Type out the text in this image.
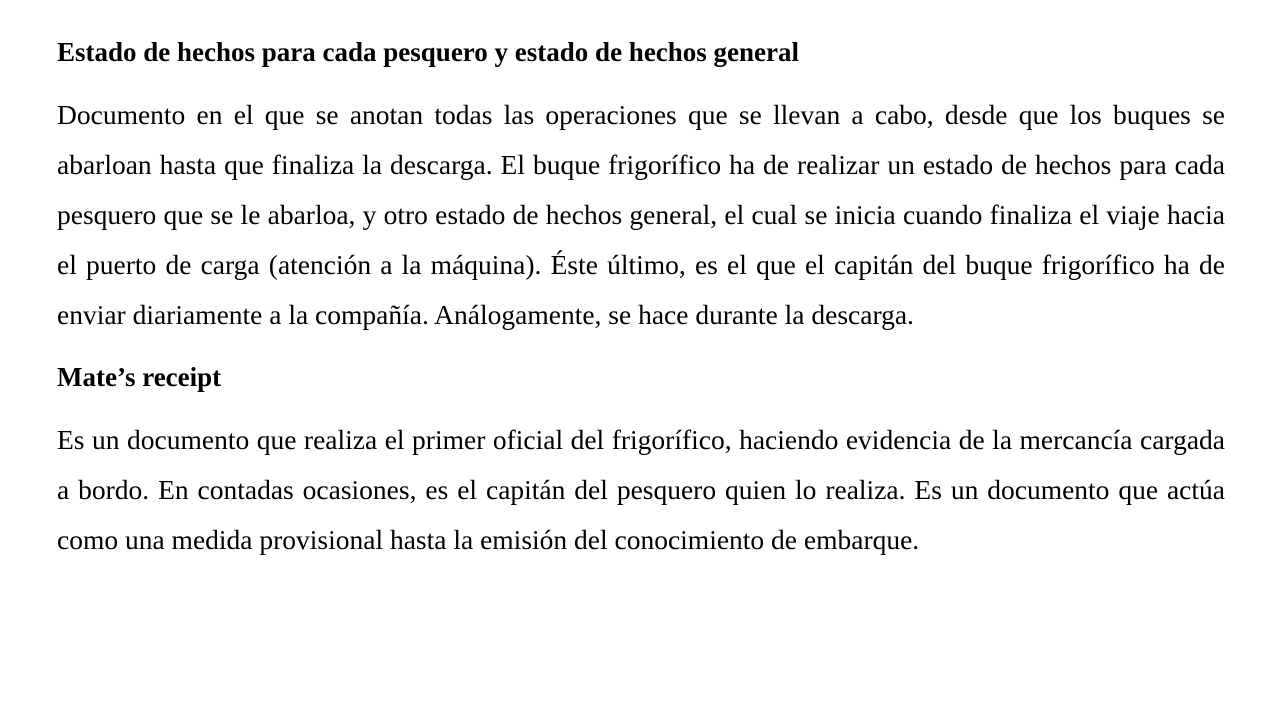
Estado de hechos para cada pesquero y estado de hechos general

Documento en el que se anotan todas las operaciones que se llevan a cabo, desde que los buques se abarloan hasta que finaliza la descarga. El buque frigorífico ha de realizar un estado de hechos para cada pesquero que se le abarloa, y otro estado de hechos general, el cual se inicia cuando finaliza el viaje hacia el puerto de carga (atención a la máquina). Éste último, es el que el capitán del buque frigorífico ha de enviar diariamente a la compañía. Análogamente, se hace durante la descarga.

Mate’s receipt

Es un documento que realiza el primer oficial del frigorífico, haciendo evidencia de la mercancía cargada a bordo. En contadas ocasiones, es el capitán del pesquero quien lo realiza. Es un documento que actúa como una medida provisional hasta la emisión del conocimiento de embarque.
